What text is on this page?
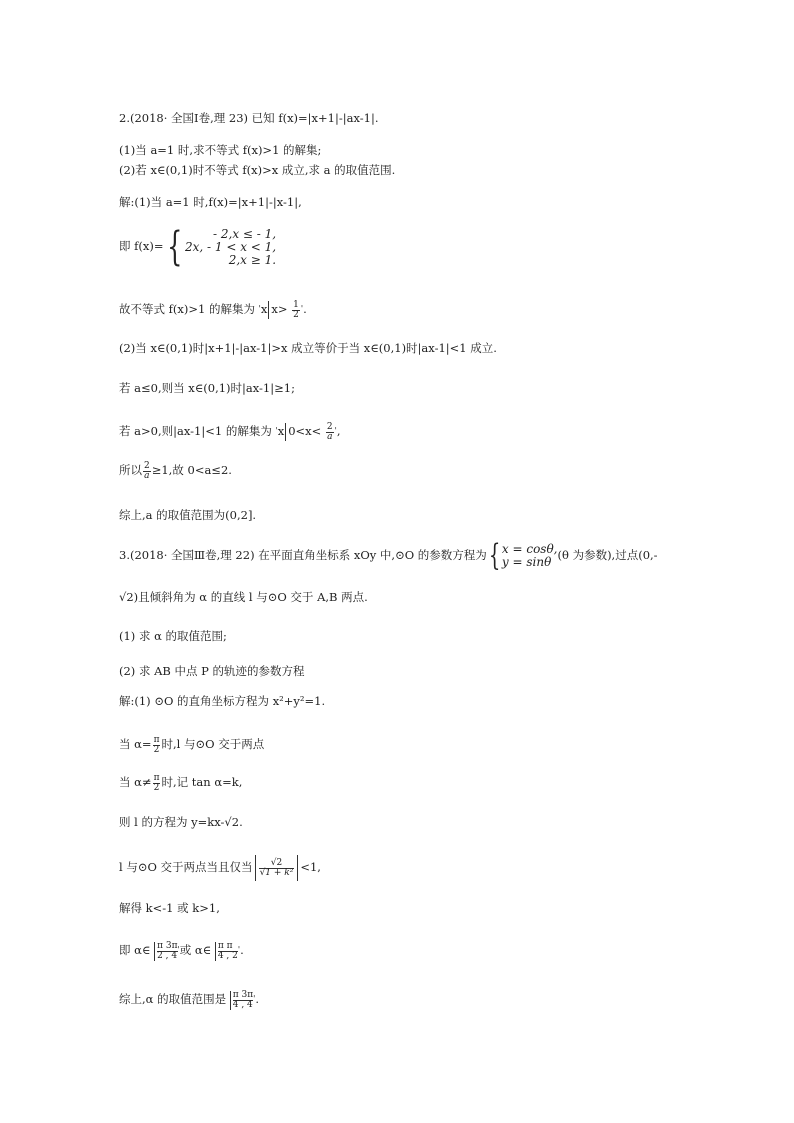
2.(2018· 全国Ⅰ卷,理 23) 已知 f(x)=|x+1|-|ax-1|.
(1)当 a=1 时,求不等式 f(x)>1 的解集;
(2)若 x∈(0,1)时不等式 f(x)>x 成立,求 a 的取值范围.
解:(1)当 a=1 时,f(x)=|x+1|-|x-1|,
即 f(x)={	- 2,x ≤ - 1,
2x, - 1 < x < 1,
2,x ≥ 1.
故不等式 f(x)>1 的解集为 'x $x> \frac{1}{2} '$.
(2)当 x∈(0,1)时|x+1|-|ax-1|>x 成立等价于当 x∈(0,1)时|ax-1|<1 成立.
若 a≤0,则当 x∈(0,1)时|ax-1|≥1;
若 a>0,则|ax-1|<1 的解集为 'x $0<x< \frac{2}{a} '$,
所以 $\frac{2}{a} \ge 1$,故 0<a≤2.
综上,a 的取值范围为(0,2].
3.(2018· 全国Ⅲ卷,理 22) 在平面直角坐标系 xOy 中,⊙O 的参数方程为{ x = cosθ,
y = sinθ (θ 为参数),过点(0,-
√2)且倾斜角为 α 的直线 l 与⊙O 交于 A,B 两点.
(1) 求 α 的取值范围;
(2) 求 AB 中点 P 的轨迹的参数方程
解:(1) ⊙O 的直角坐标方程为 x²+y²=1.
当 $\alpha= \frac{\pi}{2}$ 时,l 与⊙O 交于两点
当 $\alpha\ne \frac{\pi}{2}$ 时,记 tan α=k,
则 l 的方程为 y=kx-√2.
l 与⊙O 交于两点当且仅当 $\frac{√2}{\text{√1 + k²}} <1$,
解得 k<-1 或 k>1,
即 α∈ $\frac{\pi 3\pi}{2 , 4} '$或 α∈ $\frac{\text{π π}}{4 , 2} '$.
综上,α 的取值范围是 $\frac{\pi 3\pi}{4 , 4} '$.
